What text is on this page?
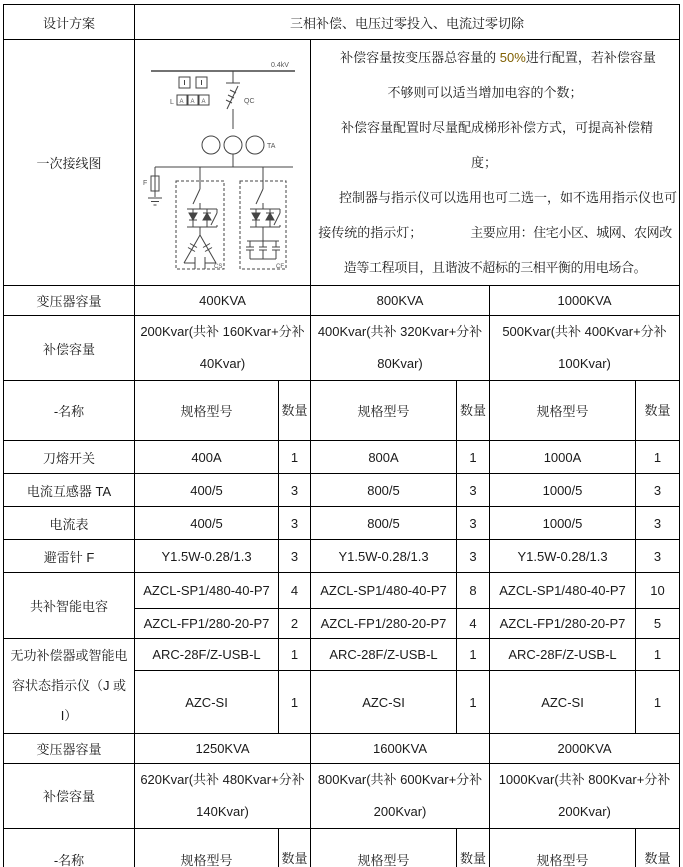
设计方案	三相补偿、电压过零投入、电流过零切除					
一次接线图	
0.4kV
QC
L A A A
TA
F
CS	CF

补偿容量按变压器总容量的 50%进行配置，若补偿容量不够则可以适当增加电容的个数；

补偿容量配置时尽量配成梯形补偿方式，可提高补偿精度；

控制器与指示仪可以选用也可二选一，如不选用指示仪也可接传统的指示灯；	主要应用：住宅小区、城网、农网改造等工程项目，且谐波不超标的三相平衡的用电场合。

变压器容量	400KVA		800KVA		1000KVA	
补偿容量	200Kvar(共补 160Kvar+分补 40Kvar)		400Kvar(共补 320Kvar+分补 80Kvar)		500Kvar(共补 400Kvar+分补 100Kvar)	
-名称	规格型号	数量	规格型号	数量	规格型号	数量
刀熔开关	400A	1	800A	1	1000A	1
电流互感器 TA	400/5	3	800/5	3	1000/5	3
电流表	400/5	3	800/5	3	1000/5	3
避雷针 F	Y1.5W-0.28/1.3	3	Y1.5W-0.28/1.3	3	Y1.5W-0.28/1.3	3
共补智能电容	AZCL-SP1/480-40-P7	4	AZCL-SP1/480-40-P7	8	AZCL-SP1/480-40-P7	10
	AZCL-FP1/280-20-P7	2	AZCL-FP1/280-20-P7	4	AZCL-FP1/280-20-P7	5
无功补偿器或智能电容状态指示仪（J 或 I）	ARC-28F/Z-USB-L	1	ARC-28F/Z-USB-L	1	ARC-28F/Z-USB-L	1
	AZC-SI	1	AZC-SI	1	AZC-SI	1
变压器容量	1250KVA		1600KVA		2000KVA	
补偿容量	620Kvar(共补 480Kvar+分补 140Kvar)		800Kvar(共补 600Kvar+分补 200Kvar)		1000Kvar(共补 800Kvar+分补 200Kvar)	
-名称	规格型号	数量	规格型号	数量	规格型号	数量
